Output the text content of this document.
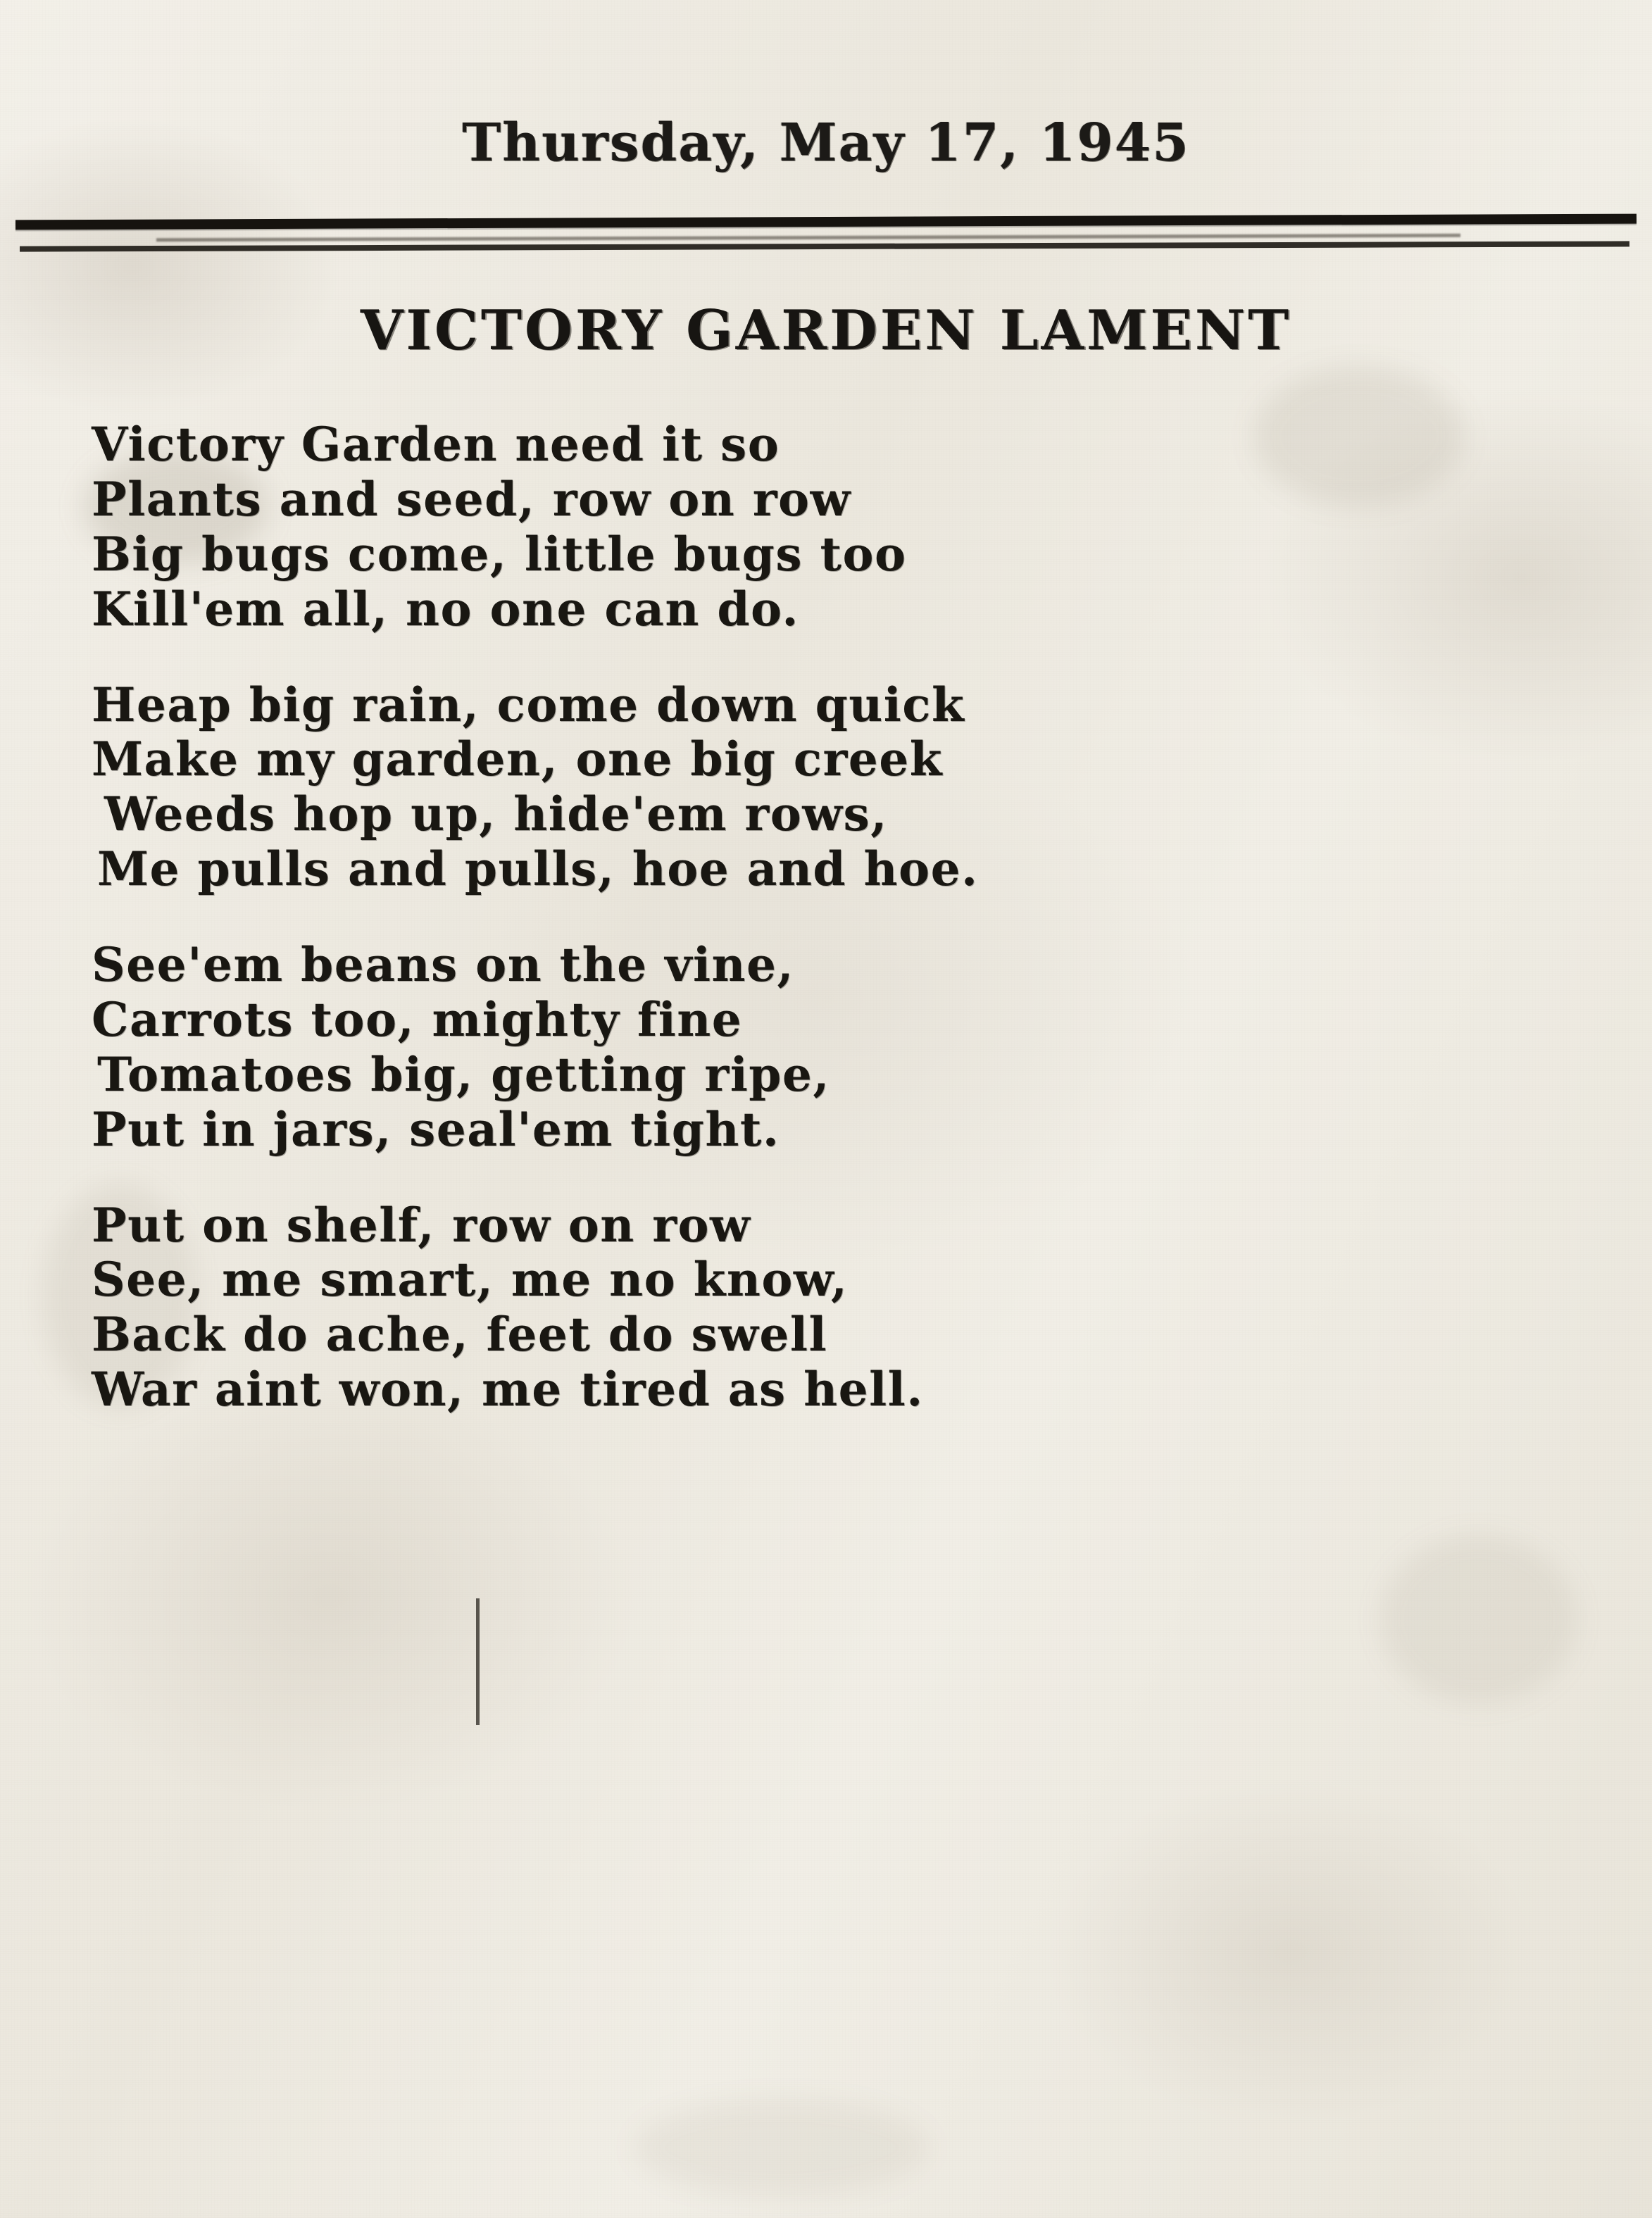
Thursday, May 17, 1945
VICTORY GARDEN LAMENT
Victory Garden need it so
Plants and seed, row on row
Big bugs come, little bugs too
Kill'em all, no one can do.
Heap big rain, come down quick
Make my garden, one big creek
Weeds hop up, hide'em rows,
Me pulls and pulls, hoe and hoe.
See'em beans on the vine,
Carrots too, mighty fine
Tomatoes big, getting ripe,
Put in jars, seal'em tight.
Put on shelf, row on row
See, me smart, me no know,
Back do ache, feet do swell
War aint won, me tired as hell.
